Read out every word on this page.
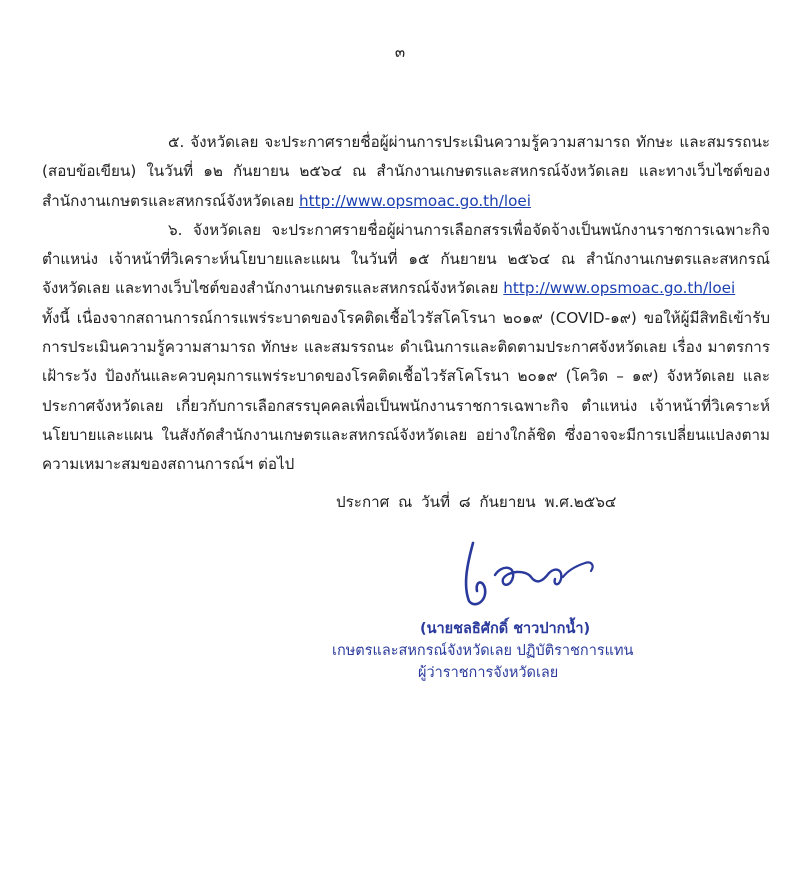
๓

๕. จังหวัดเลย จะประกาศรายชื่อผู้ผ่านการประเมินความรู้ความสามารถ ทักษะ และสมรรถนะ (สอบข้อเขียน) ในวันที่ ๑๒ กันยายน ๒๕๖๔ ณ สำนักงานเกษตรและสหกรณ์จังหวัดเลย และทางเว็บไซต์ของสำนักงานเกษตรและสหกรณ์จังหวัดเลย http://www.opsmoac.go.th/loei

๖. จังหวัดเลย จะประกาศรายชื่อผู้ผ่านการเลือกสรรเพื่อจัดจ้างเป็นพนักงานราชการเฉพาะกิจ ตำแหน่ง เจ้าหน้าที่วิเคราะห์นโยบายและแผน ในวันที่ ๑๕ กันยายน ๒๕๖๔ ณ สำนักงานเกษตรและสหกรณ์จังหวัดเลย และทางเว็บไซต์ของสำนักงานเกษตรและสหกรณ์จังหวัดเลย http://www.opsmoac.go.th/loei

ทั้งนี้ เนื่องจากสถานการณ์การแพร่ระบาดของโรคติดเชื้อไวรัสโคโรนา ๒๐๑๙ (COVID-๑๙) ขอให้ผู้มีสิทธิเข้ารับการประเมินความรู้ความสามารถ ทักษะ และสมรรถนะ ดำเนินการและติดตามประกาศจังหวัดเลย เรื่อง มาตรการเฝ้าระวัง ป้องกันและควบคุมการแพร่ระบาดของโรคติดเชื้อไวรัสโคโรนา ๒๐๑๙ (โควิด – ๑๙) จังหวัดเลย และประกาศจังหวัดเลย เกี่ยวกับการเลือกสรรบุคคลเพื่อเป็นพนักงานราชการเฉพาะกิจ ตำแหน่ง เจ้าหน้าที่วิเคราะห์นโยบายและแผน ในสังกัดสำนักงานเกษตรและสหกรณ์จังหวัดเลย อย่างใกล้ชิด ซึ่งอาจจะมีการเปลี่ยนแปลงตามความเหมาะสมของสถานการณ์ฯ ต่อไป

ประกาศ ณ วันที่ ๘ กันยายน พ.ศ.๒๕๖๔
(นายชลธิศักดิ์ ชาวปากน้ำ)
เกษตรและสหกรณ์จังหวัดเลย ปฏิบัติราชการแทน
ผู้ว่าราชการจังหวัดเลย
